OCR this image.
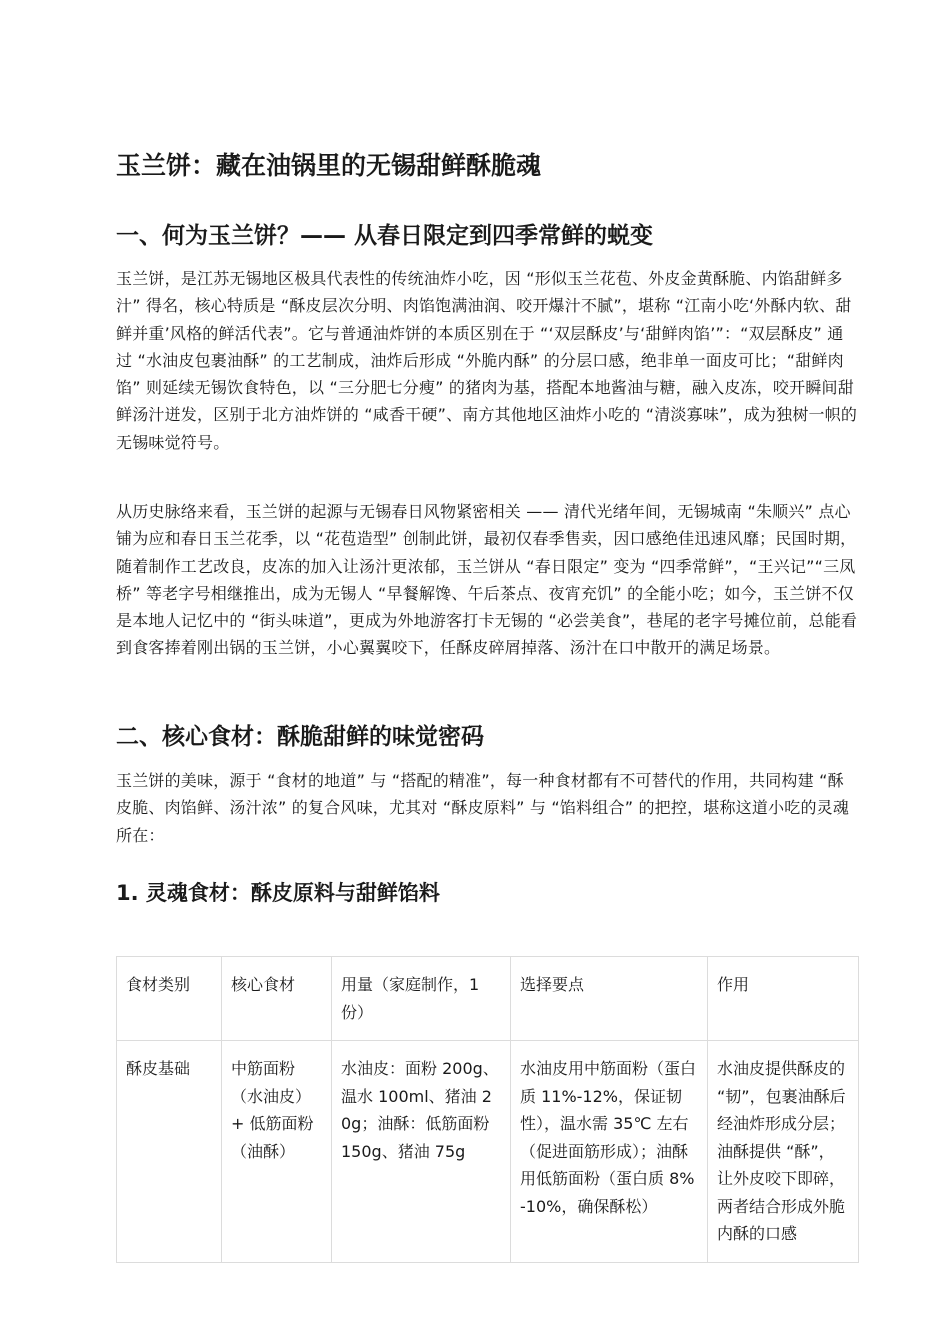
玉兰饼：藏在油锅里的无锡甜鲜酥脆魂
一、何为玉兰饼？—— 从春日限定到四季常鲜的蜕变

玉兰饼，是江苏无锡地区极具代表性的传统油炸小吃，因 “形似玉兰花苞、外皮金黄酥脆、内馅甜鲜多汁” 得名，核心特质是 “酥皮层次分明、肉馅饱满油润、咬开爆汁不腻”，堪称 “江南小吃‘外酥内软、甜鲜并重’风格的鲜活代表”。它与普通油炸饼的本质区别在于 “‘双层酥皮’与‘甜鲜肉馅’”：“双层酥皮” 通过 “水油皮包裹油酥” 的工艺制成，油炸后形成 “外脆内酥” 的分层口感，绝非单一面皮可比；“甜鲜肉馅” 则延续无锡饮食特色，以 “三分肥七分瘦” 的猪肉为基，搭配本地酱油与糖，融入皮冻，咬开瞬间甜鲜汤汁迸发，区别于北方油炸饼的 “咸香干硬”、南方其他地区油炸小吃的 “清淡寡味”，成为独树一帜的无锡味觉符号。

从历史脉络来看，玉兰饼的起源与无锡春日风物紧密相关 —— 清代光绪年间，无锡城南 “朱顺兴” 点心铺为应和春日玉兰花季，以 “花苞造型” 创制此饼，最初仅春季售卖，因口感绝佳迅速风靡；民国时期，随着制作工艺改良，皮冻的加入让汤汁更浓郁，玉兰饼从 “春日限定” 变为 “四季常鲜”，“王兴记”“三凤桥” 等老字号相继推出，成为无锡人 “早餐解馋、午后茶点、夜宵充饥” 的全能小吃；如今，玉兰饼不仅是本地人记忆中的 “街头味道”，更成为外地游客打卡无锡的 “必尝美食”，巷尾的老字号摊位前，总能看到食客捧着刚出锅的玉兰饼，小心翼翼咬下，任酥皮碎屑掉落、汤汁在口中散开的满足场景。

二、核心食材：酥脆甜鲜的味觉密码

玉兰饼的美味，源于 “食材的地道” 与 “搭配的精准”，每一种食材都有不可替代的作用，共同构建 “酥皮脆、肉馅鲜、汤汁浓” 的复合风味，尤其对 “酥皮原料” 与 “馅料组合” 的把控，堪称这道小吃的灵魂所在：

1. 灵魂食材：酥皮原料与甜鲜馅料
食材类别	核心食材	用量（家庭制作，1 份）	选择要点	作用
酥皮基础	中筋面粉（水油皮）+ 低筋面粉（油酥）	水油皮：面粉 200g、温水 100ml、猪油 20g；油酥：低筋面粉 150g、猪油 75g	水油皮用中筋面粉（蛋白质 11%-12%，保证韧性），温水需 35℃ 左右（促进面筋形成）；油酥用低筋面粉（蛋白质 8%-10%，确保酥松）	水油皮提供酥皮的 “韧”，包裹油酥后经油炸形成分层；油酥提供 “酥”，让外皮咬下即碎，两者结合形成外脆内酥的口感
